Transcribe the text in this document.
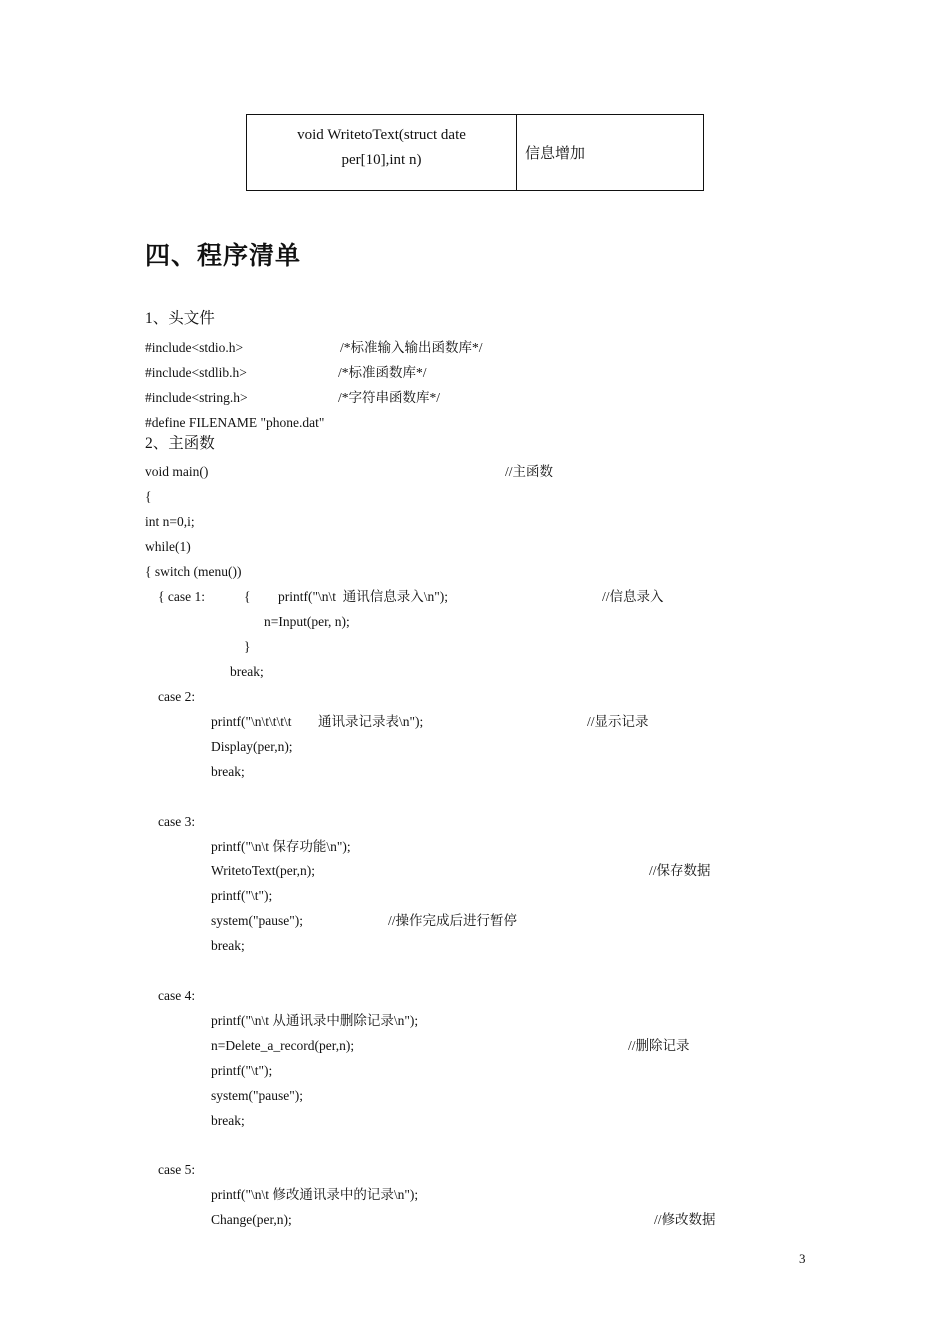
void WritetoText(struct date
per[10],int n)	信息增加
四、程序清单
1、头文件
#include<stdio.h>	/*标准输入输出函数库*/
#include<stdlib.h>	/*标准函数库*/
#include<string.h>	/*字符串函数库*/
#define FILENAME "phone.dat"
2、主函数
void main()	//主函数
{
int n=0,i;
while(1)
{ switch (menu())
{ case 1:	{ printf("\n\t  通讯信息录入\n");	//信息录入
n=Input(per, n);
}
break;
case 2:
printf("\n\t\t\t\t 通讯录记录表\n");	//显示记录
Display(per,n);
break;
case 3:
printf("\n\t 保存功能\n");
WritetoText(per,n);	//保存数据
printf("\t");
system("pause");	//操作完成后进行暂停
break;
case 4:
printf("\n\t 从通讯录中删除记录\n");
n=Delete_a_record(per,n);	//删除记录
printf("\t");
system("pause");
break;
case 5:
printf("\n\t 修改通讯录中的记录\n");
Change(per,n);	//修改数据
3
